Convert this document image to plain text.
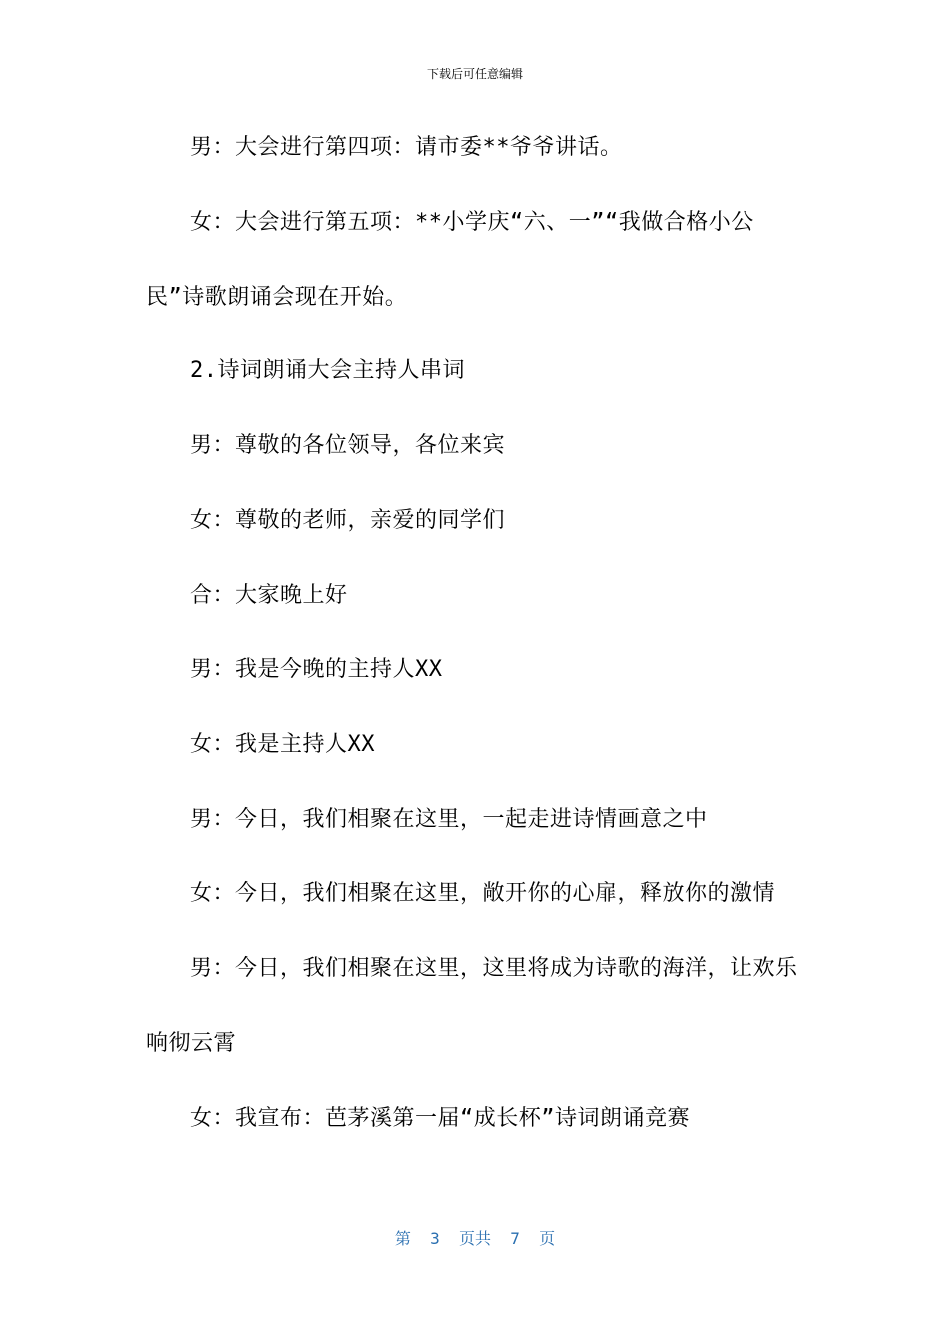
下载后可任意编辑
男：大会进行第四项：请市委**爷爷讲话。
女：大会进行第五项：**小学庆“六、一”“我做合格小公
民”诗歌朗诵会现在开始。
2.诗词朗诵大会主持人串词
男：尊敬的各位领导，各位来宾
女：尊敬的老师，亲爱的同学们
合：大家晚上好
男：我是今晚的主持人XX
女：我是主持人XX
男：今日，我们相聚在这里，一起走进诗情画意之中
女：今日，我们相聚在这里，敞开你的心扉，释放你的激情
男：今日，我们相聚在这里，这里将成为诗歌的海洋，让欢乐
响彻云霄
女：我宣布：芭茅溪第一届“成长杯”诗词朗诵竞赛
第  3  页共  7  页
